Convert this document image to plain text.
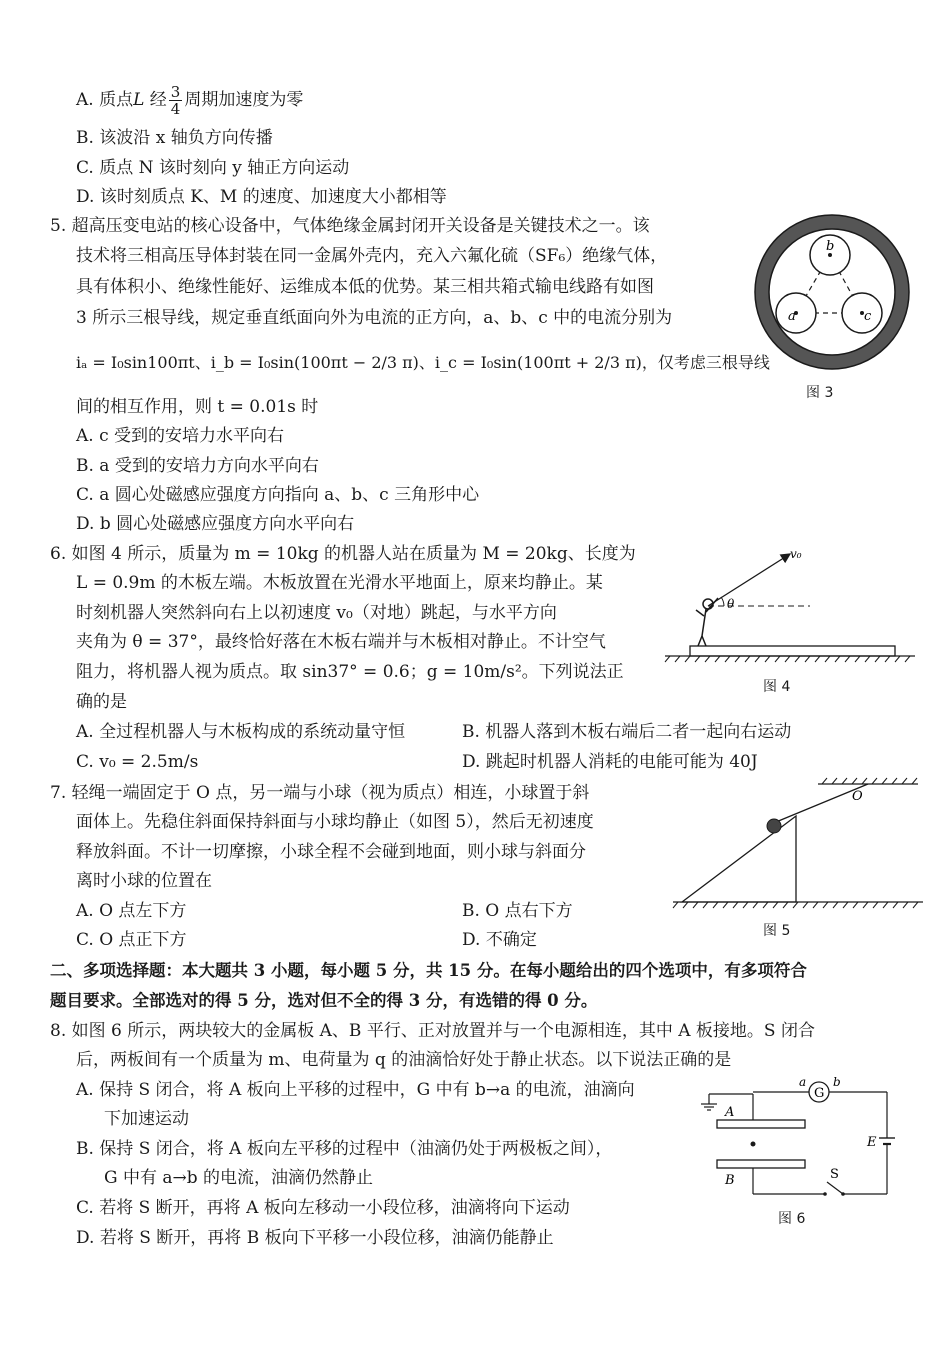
A. 质点L 经 $\frac{3}{4}$ 周期加速度为零
B. 该波沿 x 轴负方向传播
C. 质点 N 该时刻向 y 轴正方向运动
D. 该时刻质点 K、M 的速度、加速度大小都相等
5. 超高压变电站的核心设备中，气体绝缘金属封闭开关设备是关键技术之一。该
技术将三相高压导体封装在同一金属外壳内，充入六氟化硫（SF₆）绝缘气体，
具有体积小、绝缘性能好、运维成本低的优势。某三相共箱式输电线路有如图
3 所示三根导线，规定垂直纸面向外为电流的正方向，a、b、c 中的电流分别为
iₐ = I₀sin100πt、i_b = I₀sin(100πt − 2/3 π)、i_c = I₀sin(100πt + 2/3 π)，仅考虑三根导线
间的相互作用，则 t = 0.01s 时
A. c 受到的安培力水平向右
B. a 受到的安培力方向水平向右
C. a 圆心处磁感应强度方向指向 a、b、c 三角形中心
D. b 圆心处磁感应强度方向水平向右
b
a	c
图 3
6. 如图 4 所示，质量为 m = 10kg 的机器人站在质量为 M = 20kg、长度为
L = 0.9m 的木板左端。木板放置在光滑水平地面上，原来均静止。某
时刻机器人突然斜向右上以初速度 v₀（对地）跳起，与水平方向
夹角为 θ = 37°，最终恰好落在木板右端并与木板相对静止。不计空气
阻力，将机器人视为质点。取 sin37° = 0.6；g = 10m/s²。下列说法正
确的是
A. 全过程机器人与木板构成的系统动量守恒	B. 机器人落到木板右端后二者一起向右运动
C. v₀ = 2.5m/s	D. 跳起时机器人消耗的电能可能为 40J
v₀
θ
图 4
7. 轻绳一端固定于 O 点，另一端与小球（视为质点）相连，小球置于斜
面体上。先稳住斜面保持斜面与小球均静止（如图 5），然后无初速度
释放斜面。不计一切摩擦，小球全程不会碰到地面，则小球与斜面分
离时小球的位置在
A. O 点左下方	B. O 点右下方
C. O 点正下方	D. 不确定
O
图 5
二、多项选择题：本大题共 3 小题，每小题 5 分，共 15 分。在每小题给出的四个选项中，有多项符合
题目要求。全部选对的得 5 分，选对但不全的得 3 分，有选错的得 0 分。
8. 如图 6 所示，两块较大的金属板 A、B 平行、正对放置并与一个电源相连，其中 A 板接地。S 闭合
后，两板间有一个质量为 m、电荷量为 q 的油滴恰好处于静止状态。以下说法正确的是
A. 保持 S 闭合，将 A 板向上平移的过程中，G 中有 b→a 的电流，油滴向
下加速运动
B. 保持 S 闭合，将 A 板向左平移的过程中（油滴仍处于两极板之间），
G 中有 a→b 的电流，油滴仍然静止
C. 若将 S 断开，再将 A 板向左移动一小段位移，油滴将向下运动
D. 若将 S 断开，再将 B 板向下平移一小段位移，油滴仍能静止
A
B
G
a b
E
S
图 6
